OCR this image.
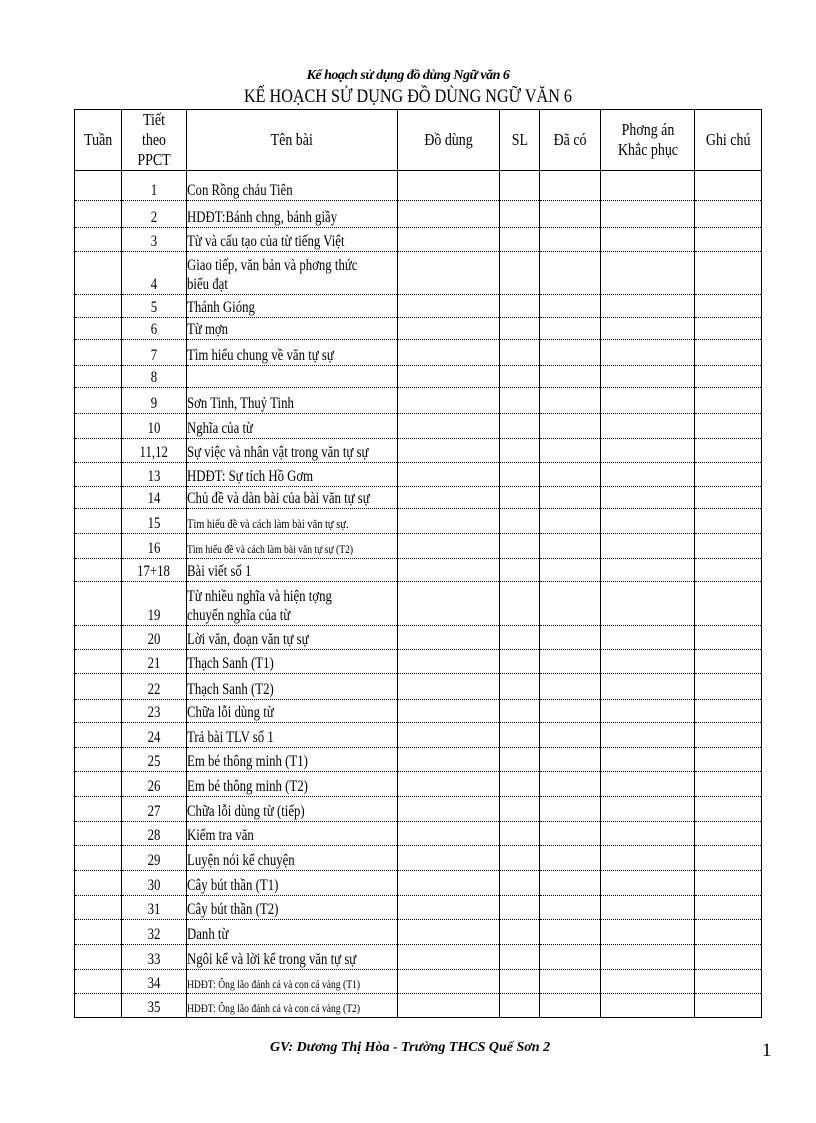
Kế hoạch sử dụng đồ dùng Ngữ văn 6
KẾ HOẠCH SỬ DỤNG ĐỒ DÙNG NGỮ VĂN 6
Tuần	Tiết theo PPCT	Tên bài	Đồ dùng	SL	Đã có	Phơng án Khắc phục	Ghi chú
	1	Con Rồng cháu Tiên					
	2	HDĐT:Bánh chng, bánh giầy					
	3	Từ và cấu tạo của từ tiếng Việt					
	4	Giao tiếp, văn bản và phơng thức biểu đạt					
	5	Thánh Gióng					
	6	Từ mợn					
	7	Tìm hiểu chung về văn tự sự					
	8						
	9	Sơn Tinh, Thuỷ Tinh					
	10	Nghĩa của từ					
	11,12	Sự việc và nhân vật trong văn tự sự					
	13	HDĐT: Sự tích Hồ Gơm					
	14	Chủ đề và dàn bài của bài văn tự sự					
	15	Tìm hiểu đề và cách làm bài văn tự sự.					
	16	Tìm hiểu đề và cách làm bài văn tự sự (T2)					
	17+18	Bài viết số 1					
	19	Từ nhiều nghĩa và hiện tợng chuyển nghĩa của từ					
	20	Lời văn, đoạn văn tự sự					
	21	Thạch Sanh (T1)					
	22	Thạch Sanh (T2)					
	23	Chữa lỗi dùng từ					
	24	Trả bài TLV số 1					
	25	Em bé thông minh (T1)					
	26	Em bé thông minh (T2)					
	27	Chữa lỗi dùng từ (tiếp)					
	28	Kiểm tra văn					
	29	Luyện nói kể chuyện					
	30	Cây bút thần (T1)					
	31	Cây bút thần (T2)					
	32	Danh từ					
	33	Ngôi kể và lời kể trong văn tự sự					
	34	HDĐT: Ông lão đánh cá và con cá vàng (T1)					
	35	HDĐT: Ông lão đánh cá và con cá vàng (T2)					
GV: Dương Thị Hòa - Trường THCS Quế Sơn 2	1
